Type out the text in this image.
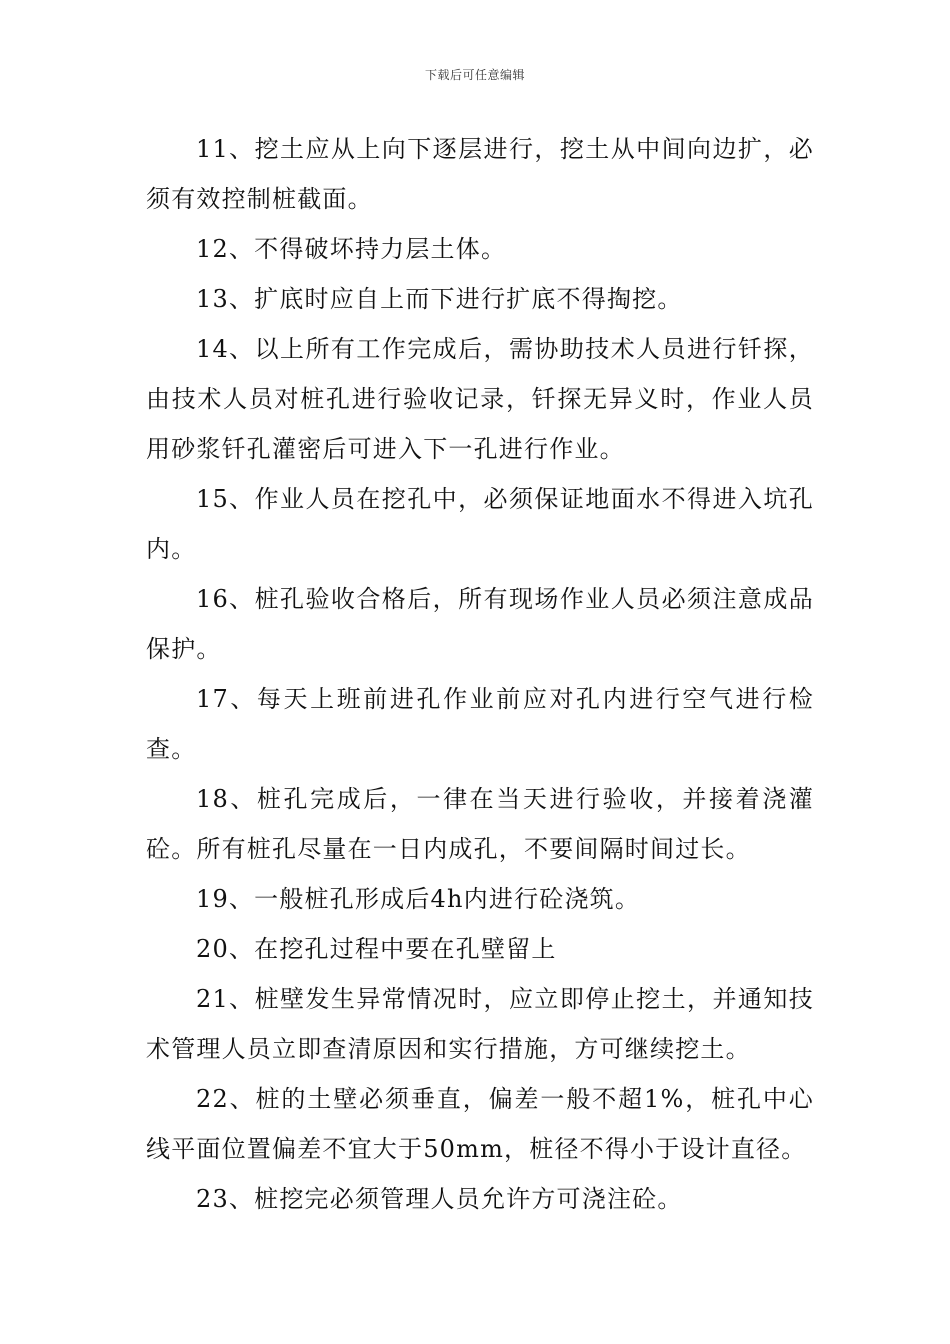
下载后可任意编辑

11、挖土应从上向下逐层进行，挖土从中间向边扩，必须有效控制桩截面。

12、不得破坏持力层土体。

13、扩底时应自上而下进行扩底不得掏挖。

14、以上所有工作完成后，需协助技术人员进行钎探，由技术人员对桩孔进行验收记录，钎探无异义时，作业人员用砂浆钎孔灌密后可进入下一孔进行作业。

15、作业人员在挖孔中，必须保证地面水不得进入坑孔内。

16、桩孔验收合格后，所有现场作业人员必须注意成品保护。

17、每天上班前进孔作业前应对孔内进行空气进行检查。

18、桩孔完成后，一律在当天进行验收，并接着浇灌砼。所有桩孔尽量在一日内成孔，不要间隔时间过长。

19、一般桩孔形成后4h内进行砼浇筑。

20、在挖孔过程中要在孔壁留上

21、桩壁发生异常情况时，应立即停止挖土，并通知技术管理人员立即查清原因和实行措施，方可继续挖土。

22、桩的土壁必须垂直，偏差一般不超1%，桩孔中心线平面位置偏差不宜大于50mm，桩径不得小于设计直径。

23、桩挖完必须管理人员允许方可浇注砼。
